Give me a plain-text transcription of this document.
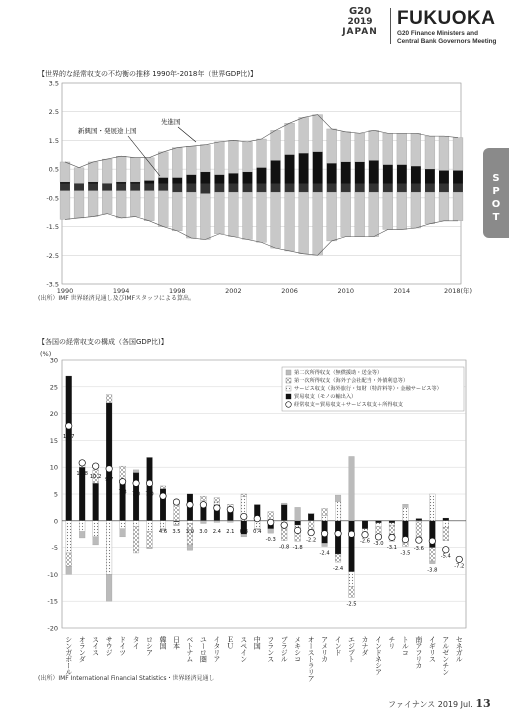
G20
2019
JAPAN
FUKUOKA
G20 Finance Ministers and
Central Bank Governors Meeting
S
P
O
T
【世界的な経常収支の不均衡の推移 1990年-2018年（世界GDP比)】
-3.5
-2.5
-1.5
-0.5
0.5
1.5
2.5
3.5
1990	1994	1998	2002	2006	2010	2014	2018(年)
先進国
新興国・発展途上国
(出所）IMF 世界経済見通し及びIMFスタッフによる算出。
【各国の経常収支の構成（各国GDP比)】
(%)
-20
-15
-10
-5
0
5
10
15
20
25
30
17.7
シンガポール
10.8
オランダ
10.2
スイス
9.7
サウジ
7.3
ドイツ
7.0
タイ
7.0
ロシア
4.6
韓国
3.5
日本
3.0
ベトナム
3.0
ユーロ圏
2.4
イタリア
2.1
ＥＵ
0.8
スペイン
0.4
中国
-0.3
フランス
-0.8
ブラジル
-1.8
メキシコ
-2.2
オーストラリア
-2.4
アメリカ
-2.4
インド
-2.5
エジプト
-2.6
カナダ
-3.0
インドネシア
-3.1
チリ
-3.5
トルコ
-3.6
南アフリカ
-3.8
イギリス
-5.4
アルゼンチン
-7.2
セネガル
第二次所得収支（無償援助・送金等）
第一次所得収支（海外子会社配当・外債利息等）
サービス収支（海外旅行・知財（特許料等）・金融サービス等）
貿易収支（モノの輸出入）
経常収支＝貿易収支＋サービス収支＋所得収支
(出所）IMF International Financial Statistics・世界経済見通し
ファイナンス 2019 Jul. 13
